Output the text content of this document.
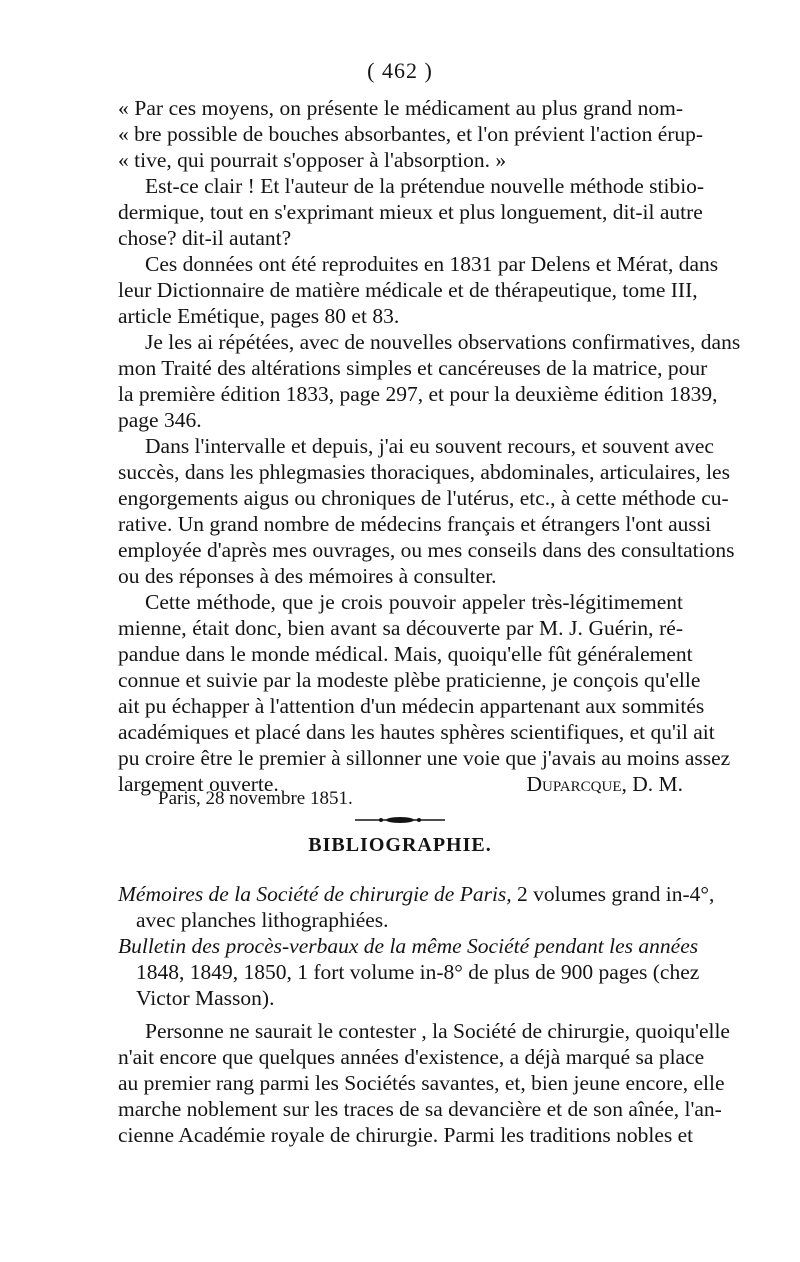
( 462 )
« Par ces moyens, on présente le médicament au plus grand nom-
« bre possible de bouches absorbantes, et l'on prévient l'action érup-
« tive, qui pourrait s'opposer à l'absorption. »
Est-ce clair ! Et l'auteur de la prétendue nouvelle méthode stibio-
dermique, tout en s'exprimant mieux et plus longuement, dit-il autre
chose? dit-il autant?
Ces données ont été reproduites en 1831 par Delens et Mérat, dans
leur Dictionnaire de matière médicale et de thérapeutique, tome III,
article Emétique, pages 80 et 83.
Je les ai répétées, avec de nouvelles observations confirmatives, dans
mon Traité des altérations simples et cancéreuses de la matrice, pour
la première édition 1833, page 297, et pour la deuxième édition 1839,
page 346.
Dans l'intervalle et depuis, j'ai eu souvent recours, et souvent avec
succès, dans les phlegmasies thoraciques, abdominales, articulaires, les
engorgements aigus ou chroniques de l'utérus, etc., à cette méthode cu-
rative. Un grand nombre de médecins français et étrangers l'ont aussi
employée d'après mes ouvrages, ou mes conseils dans des consultations
ou des réponses à des mémoires à consulter.
Cette méthode, que je crois pouvoir appeler très-légitimement
mienne, était donc, bien avant sa découverte par M. J. Guérin, ré-
pandue dans le monde médical. Mais, quoiqu'elle fût généralement
connue et suivie par la modeste plèbe praticienne, je conçois qu'elle
ait pu échapper à l'attention d'un médecin appartenant aux sommités
académiques et placé dans les hautes sphères scientifiques, et qu'il ait
pu croire être le premier à sillonner une voie que j'avais au moins assez
largement ouverte.	Duparcque, D. M.
Paris, 28 novembre 1851.
BIBLIOGRAPHIE.
Mémoires de la Société de chirurgie de Paris, 2 volumes grand in-4°,
avec planches lithographiées.
Bulletin des procès-verbaux de la même Société pendant les années
1848, 1849, 1850, 1 fort volume in-8° de plus de 900 pages (chez
Victor Masson).
Personne ne saurait le contester , la Société de chirurgie, quoiqu'elle
n'ait encore que quelques années d'existence, a déjà marqué sa place
au premier rang parmi les Sociétés savantes, et, bien jeune encore, elle
marche noblement sur les traces de sa devancière et de son aînée, l'an-
cienne Académie royale de chirurgie. Parmi les traditions nobles et
